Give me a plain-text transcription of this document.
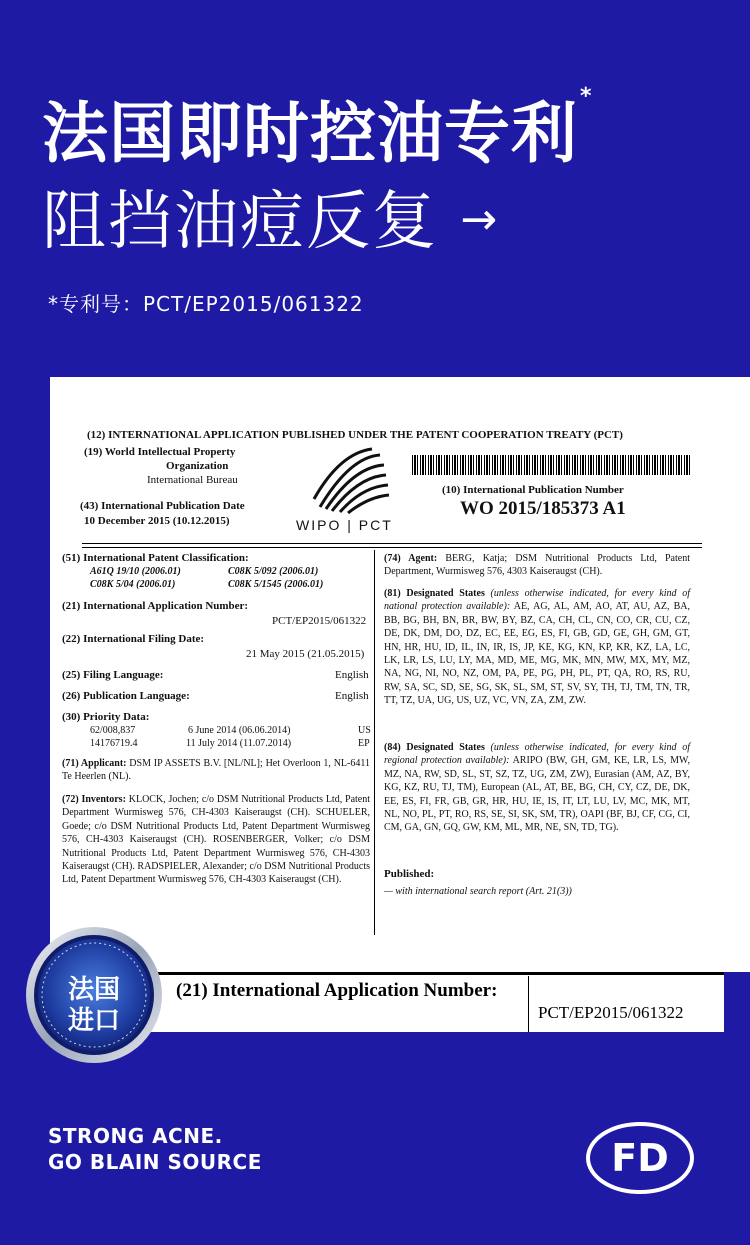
法国即时控油专利*
阻挡油痘反复 →
*专利号：PCT/EP2015/061322
(12) INTERNATIONAL APPLICATION PUBLISHED UNDER THE PATENT COOPERATION TREATY (PCT)
(19) World Intellectual Property
Organization
International Bureau
(43) International Publication Date
10 December 2015 (10.12.2015)	WIPO | PCT
(10) International Publication Number
WO 2015/185373 A1
(51) International Patent Classification:
A61Q 19/10 (2006.01)	C08K 5/092 (2006.01)
C08K 5/04 (2006.01)	C08K 5/1545 (2006.01)
(21) International Application Number:
PCT/EP2015/061322
(22) International Filing Date:
21 May 2015 (21.05.2015)
(25) Filing Language:	English
(26) Publication Language:	English
(30) Priority Data:
62/008,837	6 June 2014 (06.06.2014)	US
14176719.4	11 July 2014 (11.07.2014)	EP
(71) Applicant: DSM IP ASSETS B.V. [NL/NL]; Het Overloon 1, NL-6411 Te Heerlen (NL).
(72) Inventors: KLOCK, Jochen; c/o DSM Nutritional Products Ltd, Patent Department Wurmisweg 576, CH-4303 Kaiseraugst (CH). SCHUELER, Goede; c/o DSM Nutritional Products Ltd, Patent Department Wurmisweg 576, CH-4303 Kaiseraugst (CH). ROSENBERGER, Volker; c/o DSM Nutritional Products Ltd, Patent Department Wurmisweg 576, CH-4303 Kaiseraugst (CH). RADSPIELER, Alexander; c/o DSM Nutritional Products Ltd, Patent Department Wurmisweg 576, CH-4303 Kaiseraugst (CH).
(74) Agent: BERG, Katja; DSM Nutritional Products Ltd, Patent Department, Wurmisweg 576, 4303 Kaiseraugst (CH).
(81) Designated States (unless otherwise indicated, for every kind of national protection available): AE, AG, AL, AM, AO, AT, AU, AZ, BA, BB, BG, BH, BN, BR, BW, BY, BZ, CA, CH, CL, CN, CO, CR, CU, CZ, DE, DK, DM, DO, DZ, EC, EE, EG, ES, FI, GB, GD, GE, GH, GM, GT, HN, HR, HU, ID, IL, IN, IR, IS, JP, KE, KG, KN, KP, KR, KZ, LA, LC, LK, LR, LS, LU, LY, MA, MD, ME, MG, MK, MN, MW, MX, MY, MZ, NA, NG, NI, NO, NZ, OM, PA, PE, PG, PH, PL, PT, QA, RO, RS, RU, RW, SA, SC, SD, SE, SG, SK, SL, SM, ST, SV, SY, TH, TJ, TM, TN, TR, TT, TZ, UA, UG, US, UZ, VC, VN, ZA, ZM, ZW.
(84) Designated States (unless otherwise indicated, for every kind of regional protection available): ARIPO (BW, GH, GM, KE, LR, LS, MW, MZ, NA, RW, SD, SL, ST, SZ, TZ, UG, ZM, ZW), Eurasian (AM, AZ, BY, KG, KZ, RU, TJ, TM), European (AL, AT, BE, BG, CH, CY, CZ, DE, DK, EE, ES, FI, FR, GB, GR, HR, HU, IE, IS, IT, LT, LU, LV, MC, MK, MT, NL, NO, PL, PT, RO, RS, SE, SI, SK, SM, TR), OAPI (BF, BJ, CF, CG, CI, CM, GA, GN, GQ, GW, KM, ML, MR, NE, SN, TD, TG).
Published:
— with international search report (Art. 21(3))
(21) International Application Number:
PCT/EP2015/061322
法国
进口
STRONG ACNE.
GO BLAIN SOURCE	FD
